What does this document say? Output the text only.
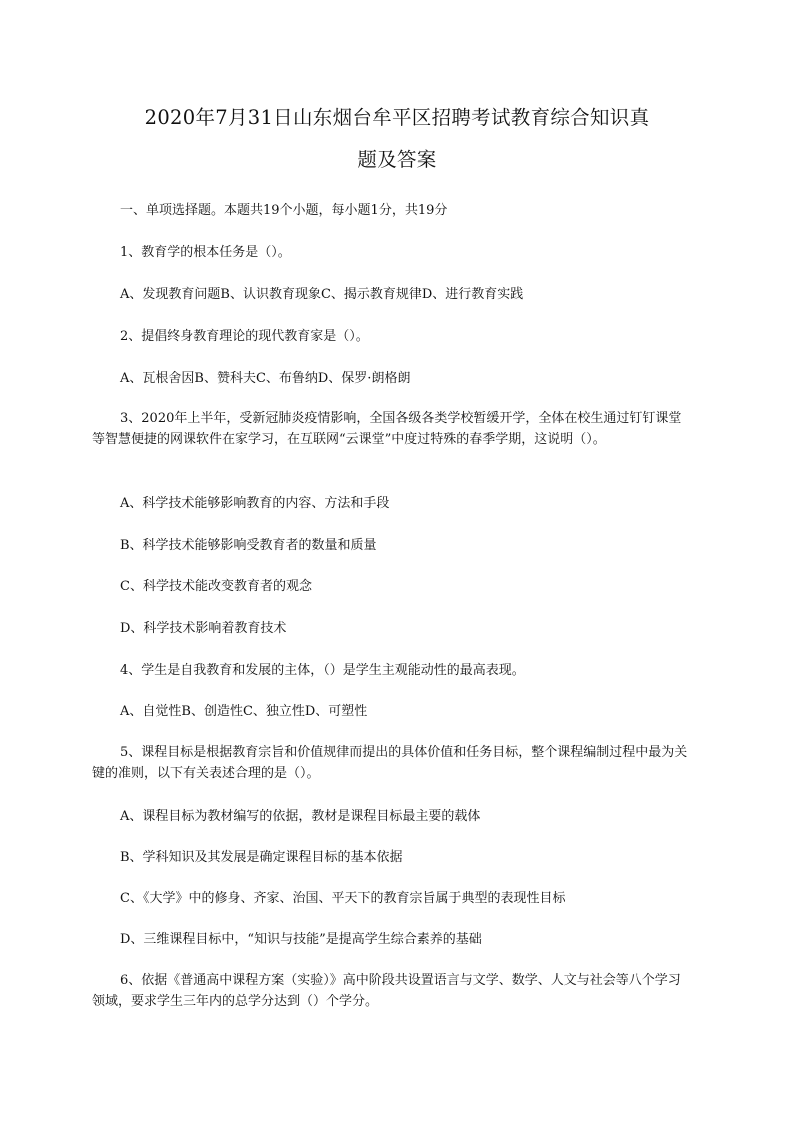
2020年7月31日山东烟台牟平区招聘考试教育综合知识真
题及答案
一、单项选择题。本题共19个小题，每小题1分，共19分
1、教育学的根本任务是（）。
A、发现教育问题B、认识教育现象C、揭示教育规律D、进行教育实践
2、提倡终身教育理论的现代教育家是（）。
A、瓦根舍因B、赞科夫C、布鲁纳D、保罗·朗格朗
3、2020年上半年，受新冠肺炎疫情影响，全国各级各类学校暂缓开学，全体在校生通过钉钉课堂等智慧便捷的网课软件在家学习，在互联网“云课堂”中度过特殊的春季学期，这说明（）。
A、科学技术能够影响教育的内容、方法和手段
B、科学技术能够影响受教育者的数量和质量
C、科学技术能改变教育者的观念
D、科学技术影响着教育技术
4、学生是自我教育和发展的主体，（）是学生主观能动性的最高表现。
A、自觉性B、创造性C、独立性D、可塑性
5、课程目标是根据教育宗旨和价值规律而提出的具体价值和任务目标，整个课程编制过程中最为关键的准则，以下有关表述合理的是（）。
A、课程目标为教材编写的依据，教材是课程目标最主要的载体
B、学科知识及其发展是确定课程目标的基本依据
C、《大学》中的修身、齐家、治国、平天下的教育宗旨属于典型的表现性目标
D、三维课程目标中，“知识与技能”是提高学生综合素养的基础
6、依据《普通高中课程方案（实验）》高中阶段共设置语言与文学、数学、人文与社会等八个学习领域，要求学生三年内的总学分达到（）个学分。
